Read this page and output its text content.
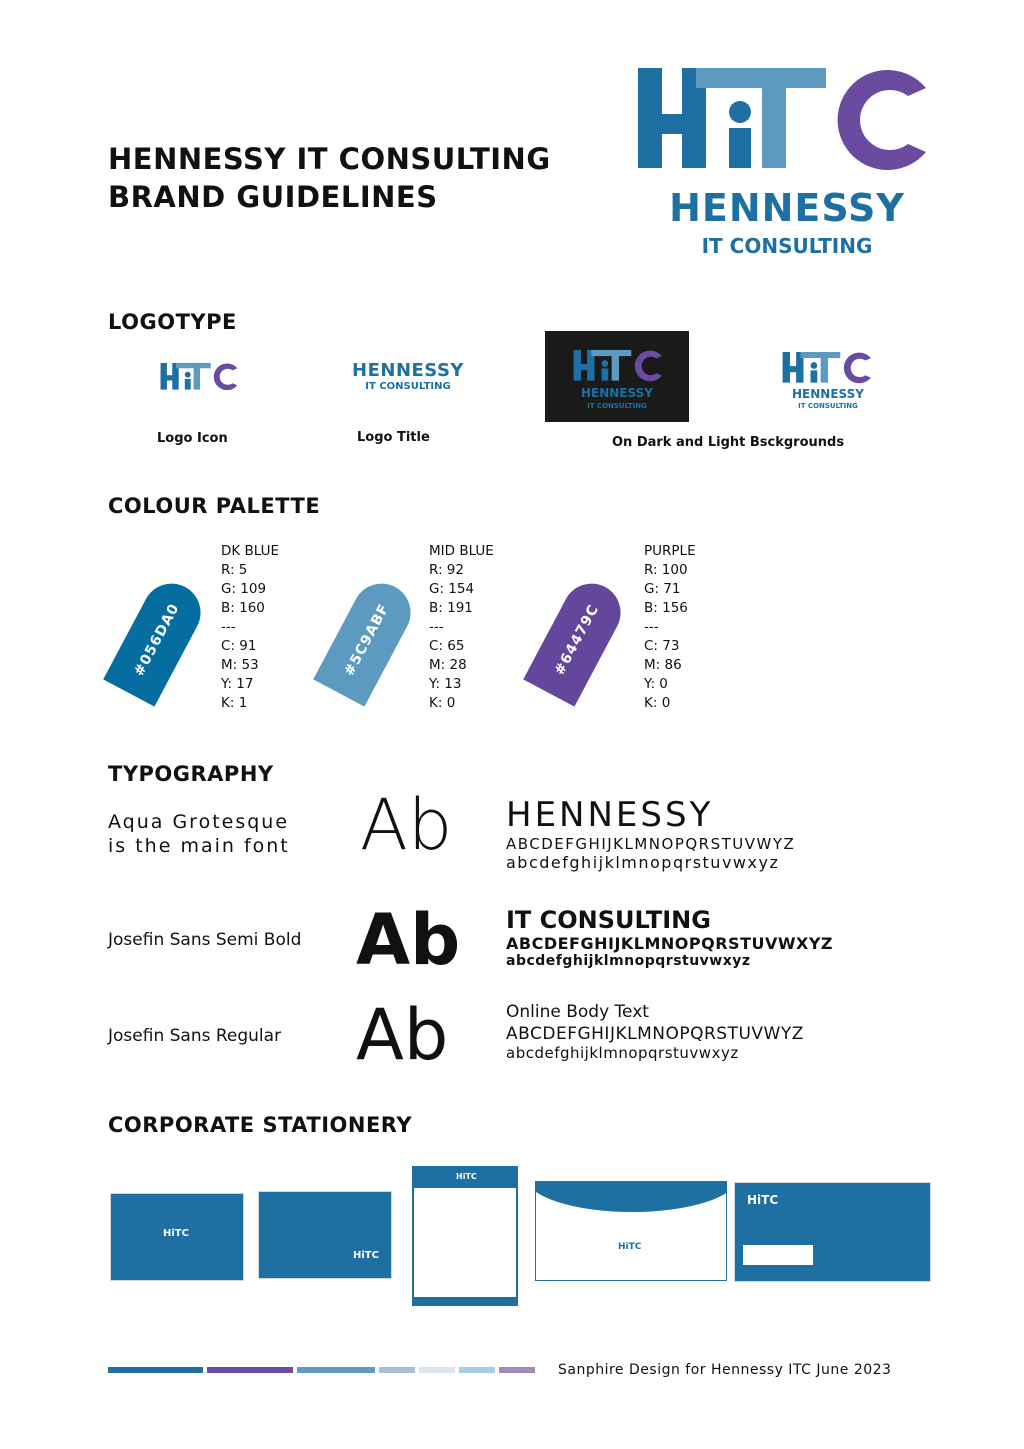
HENNESSY IT CONSULTING
BRAND GUIDELINES	HENNESSY
IT CONSULTING
LOGOTYPE
Logo Icon
HENNESSY
IT CONSULTING
Logo Title
HENNESSY
IT CONSULTING
HENNESSY
IT CONSULTING
On Dark and Light Bsckgrounds
COLOUR PALETTE
#056DA0
DK BLUE
R: 5
G: 109
B: 160
---
C: 91
M: 53
Y: 17
K: 1
#5C9ABF
MID BLUE
R: 92
G: 154
B: 191
---
C: 65
M: 28
Y: 13
K: 0
#64479C
PURPLE
R: 100
G: 71
B: 156
---
C: 73
M: 86
Y: 0
K: 0
TYPOGRAPHY
Aqua Grotesque
is the main font Ab HENNESSY
ABCDEFGHIJKLMNOPQRSTUVWYZ
abcdefghijklmnopqrstuvwxyz
Josefin Sans Semi Bold Ab IT CONSULTING
ABCDEFGHIJKLMNOPQRSTUVWXYZ
abcdefghijklmnopqrstuvwxyz
Josefin Sans Regular Ab	Online Body Text
ABCDEFGHIJKLMNOPQRSTUVWYZ
abcdefghijklmnopqrstuvwxyz
CORPORATE STATIONERY
HiTC
HiTC
HiTC
HiTC
HiTC
Sanphire Design for Hennessy ITC June 2023
